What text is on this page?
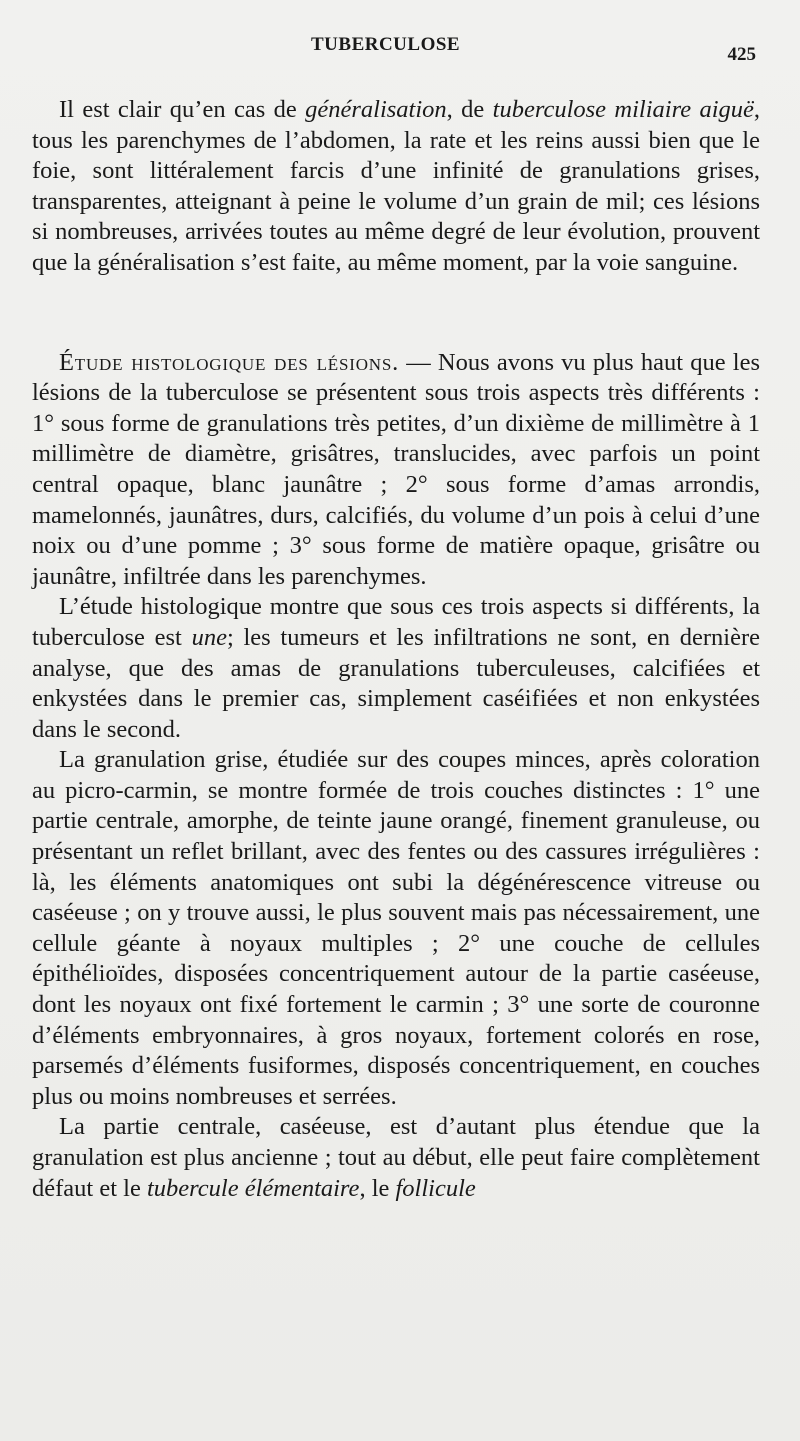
TUBERCULOSE	425

Il est clair qu’en cas de généralisation, de tuberculose miliaire aiguë, tous les parenchymes de l’abdomen, la rate et les reins aussi bien que le foie, sont littéralement farcis d’une infinité de granulations grises, transparentes, atteignant à peine le volume d’un grain de mil; ces lésions si nombreuses, arrivées toutes au même degré de leur évolution, prouvent que la généralisation s’est faite, au même moment, par la voie sanguine.

Étude histologique des lésions. — Nous avons vu plus haut que les lésions de la tuberculose se présentent sous trois aspects très différents : 1° sous forme de granulations très petites, d’un dixième de millimètre à 1 millimètre de diamètre, grisâtres, translucides, avec parfois un point central opaque, blanc jaunâtre ; 2° sous forme d’amas arrondis, mamelonnés, jaunâtres, durs, calcifiés, du volume d’un pois à celui d’une noix ou d’une pomme ; 3° sous forme de matière opaque, grisâtre ou jaunâtre, infiltrée dans les parenchymes.

L’étude histologique montre que sous ces trois aspects si différents, la tuberculose est une; les tumeurs et les infiltrations ne sont, en dernière analyse, que des amas de granulations tuberculeuses, calcifiées et enkystées dans le premier cas, simplement caséifiées et non enkystées dans le second.

La granulation grise, étudiée sur des coupes minces, après coloration au picro-carmin, se montre formée de trois couches distinctes : 1° une partie centrale, amorphe, de teinte jaune orangé, finement granuleuse, ou présentant un reflet brillant, avec des fentes ou des cassures irrégulières : là, les éléments anatomiques ont subi la dégénérescence vitreuse ou caséeuse ; on y trouve aussi, le plus souvent mais pas nécessairement, une cellule géante à noyaux multiples ; 2° une couche de cellules épithélioïdes, disposées concentriquement autour de la partie caséeuse, dont les noyaux ont fixé fortement le carmin ; 3° une sorte de couronne d’éléments embryonnaires, à gros noyaux, fortement colorés en rose, parsemés d’éléments fusiformes, disposés concentriquement, en couches plus ou moins nombreuses et serrées.

La partie centrale, caséeuse, est d’autant plus étendue que la granulation est plus ancienne ; tout au début, elle peut faire complètement défaut et le tubercule élémentaire, le follicule
